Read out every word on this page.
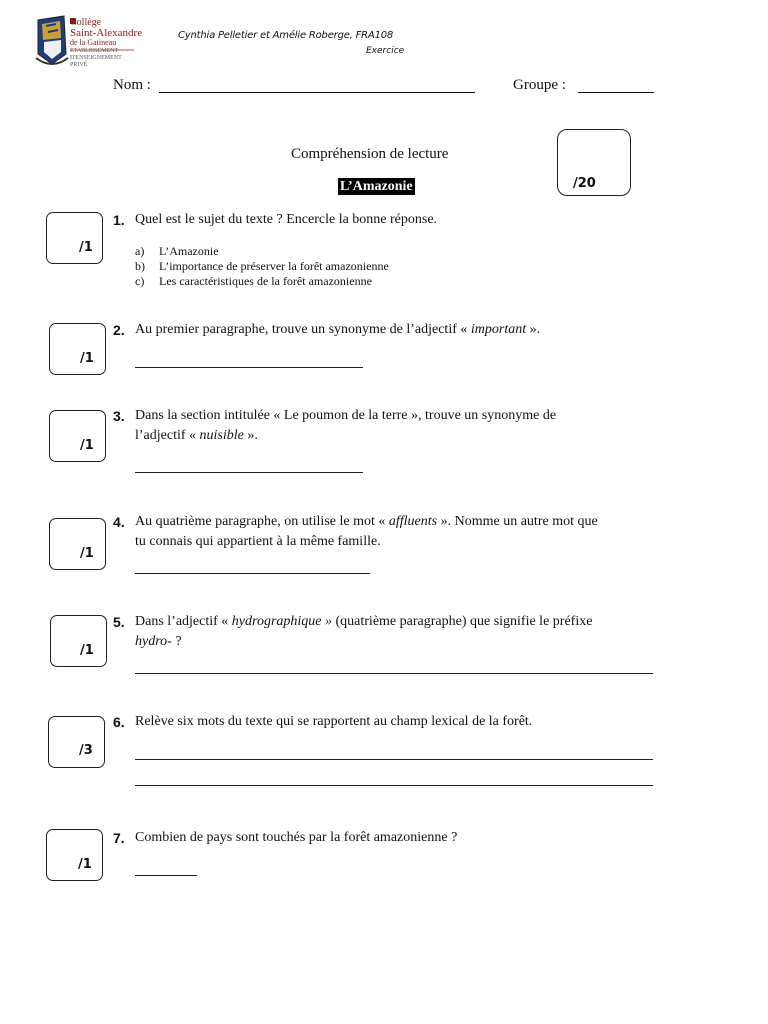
Collège
Saint-Alexandre
de la Gatineau
ÉTABLISSEMENT D'ENSEIGNEMENT PRIVÉ
Cynthia Pelletier et Amélie Roberge, FRA108
Exercice
Nom :	Groupe :
Compréhension de lecture
L’Amazonie	/20
/1
1. Quel est le sujet du texte ? Encercle la bonne réponse.
a) L’Amazonie
b) L’importance de préserver la forêt amazonienne
c) Les caractéristiques de la forêt amazonienne
/1
2. Au premier paragraphe, trouve un synonyme de l’adjectif « important ».
/1
3. Dans la section intitulée « Le poumon de la terre », trouve un synonyme de
l’adjectif « nuisible ».
/1
4. Au quatrième paragraphe, on utilise le mot « affluents ». Nomme un autre mot que
tu connais qui appartient à la même famille.
/1
5. Dans l’adjectif « hydrographique » (quatrième paragraphe) que signifie le préfixe
hydro- ?
/3
6. Relève six mots du texte qui se rapportent au champ lexical de la forêt.
/1
7. Combien de pays sont touchés par la forêt amazonienne ?
